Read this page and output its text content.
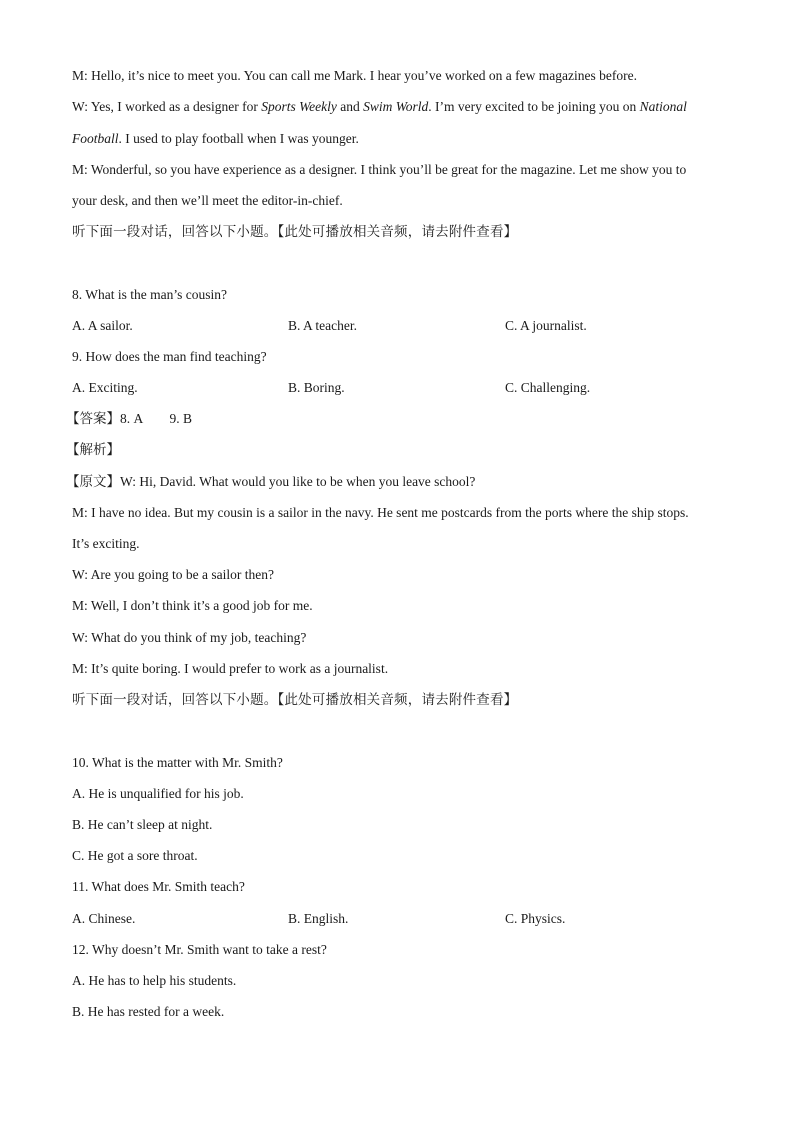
M: Hello, it’s nice to meet you. You can call me Mark. I hear you’ve worked on a few magazines before.
W: Yes, I worked as a designer for Sports Weekly and Swim World. I’m very excited to be joining you on National
Football. I used to play football when I was younger.
M: Wonderful, so you have experience as a designer. I think you’ll be great for the magazine. Let me show you to
your desk, and then we’ll meet the editor-in-chief.
听下面一段对话，回答以下小题。【此处可播放相关音频，请去附件查看】
8. What is the man’s cousin?
A. A sailor.	B. A teacher.	C. A journalist.
9. How does the man find teaching?
A. Exciting.	B. Boring.	C. Challenging.
【答案】8. A        9. B
【解析】
【原文】W: Hi, David. What would you like to be when you leave school?
M: I have no idea. But my cousin is a sailor in the navy. He sent me postcards from the ports where the ship stops.
It’s exciting.
W: Are you going to be a sailor then?
M: Well, I don’t think it’s a good job for me.
W: What do you think of my job, teaching?
M: It’s quite boring. I would prefer to work as a journalist.
听下面一段对话，回答以下小题。【此处可播放相关音频，请去附件查看】
10. What is the matter with Mr. Smith?
A. He is unqualified for his job.
B. He can’t sleep at night.
C. He got a sore throat.
11. What does Mr. Smith teach?
A. Chinese.	B. English.	C. Physics.
12. Why doesn’t Mr. Smith want to take a rest?
A. He has to help his students.
B. He has rested for a week.
